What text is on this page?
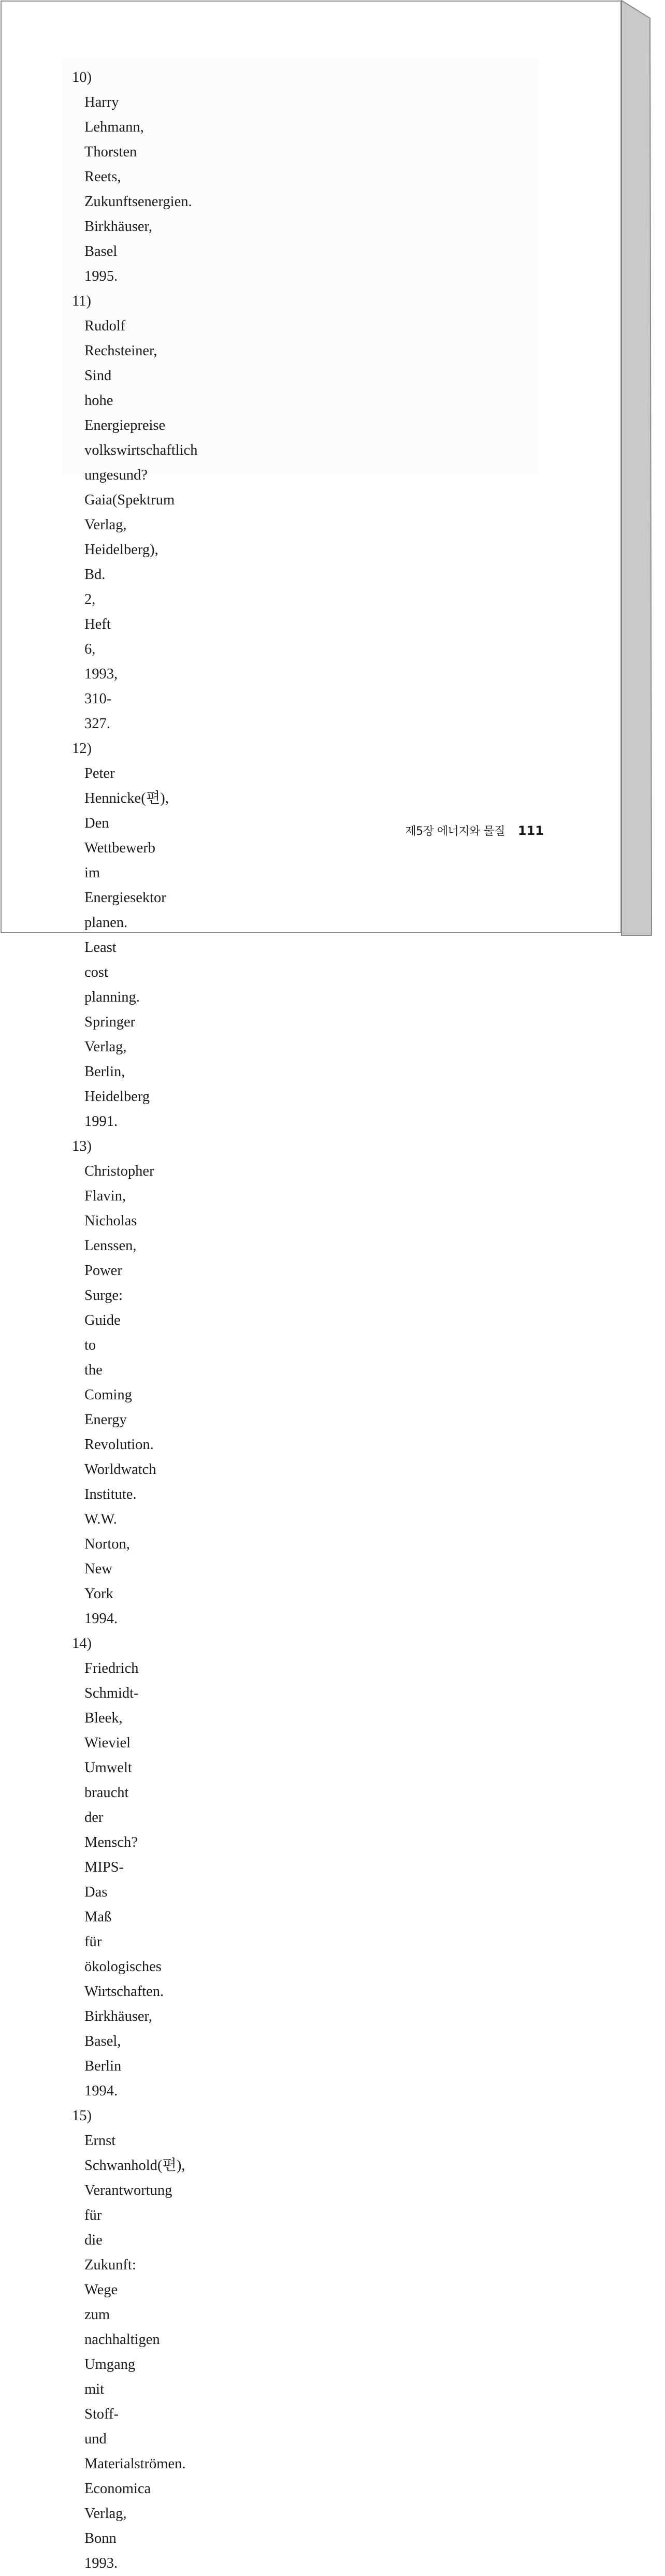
10) Harry Lehmann, Thorsten Reets, Zukunftsenergien. Birkhäuser, Basel 1995.
11) Rudolf Rechsteiner, Sind hohe Energiepreise volkswirtschaftlich ungesund? Gaia(Spektrum Verlag, Heidelberg), Bd. 2, Heft 6, 1993, 310-327.
12) Peter Hennicke(편), Den Wettbewerb im Energiesektor planen. Least cost planning. Springer Verlag, Berlin, Heidelberg 1991.
13) Christopher Flavin, Nicholas Lenssen, Power Surge: Guide to the Coming Energy Revolution. Worldwatch Institute. W.W. Norton, New York 1994.
14) Friedrich Schmidt-Bleek, Wieviel Umwelt braucht der Mensch? MIPS-Das Maß für ökologisches Wirtschaften. Birkhäuser, Basel, Berlin 1994.
15) Ernst Schwanhold(편), Verantwortung für die Zukunft: Wege zum nachhaltigen Umgang mit Stoff-und Materialströmen. Economica Verlag, Bonn 1993.
제5장 에너지와 물질 111
